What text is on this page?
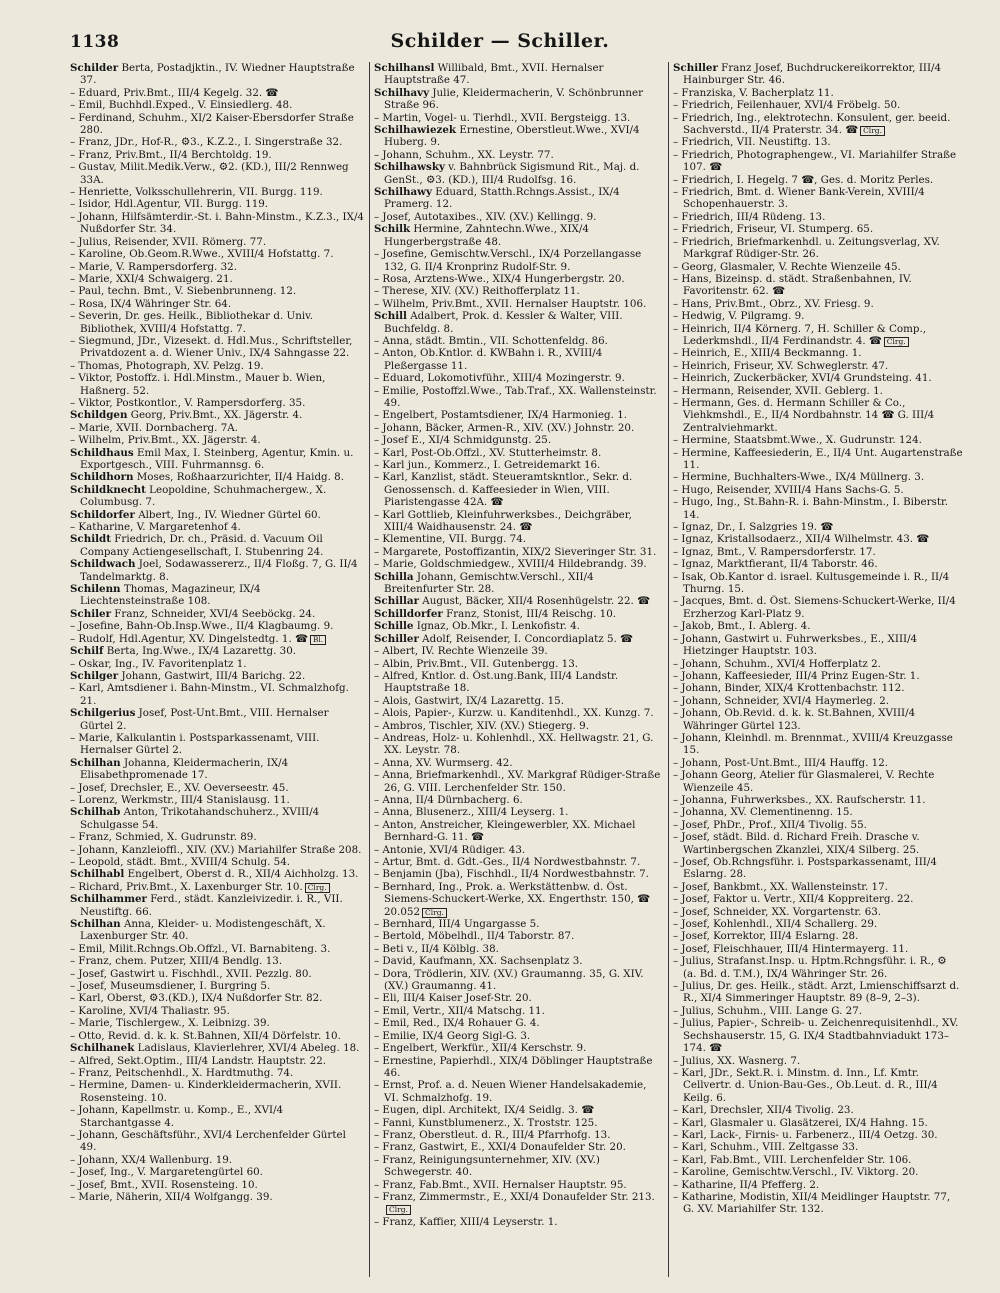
1138	Schilder — Schiller.
Schilder Berta, Postadjktin., IV. Wiedner Hauptstraße 37.
– Eduard, Priv.Bmt., III/4 Kegelg. 32. ☎
– Emil, Buchhdl.Exped., V. Einsiedlerg. 48.
– Ferdinand, Schuhm., XI/2 Kaiser-Ebersdorfer Straße 280.
– Franz, JDr., Hof-R., ⚙3., K.Z.2., I. Singerstraße 32.
– Franz, Priv.Bmt., II/4 Berchtoldg. 19.
– Gustav, Milit.Medik.Verw., ⚙2. (KD.), III/2 Rennweg 33A.
– Henriette, Volksschullehrerin, VII. Burgg. 119.
– Isidor, Hdl.Agentur, VII. Burgg. 119.
– Johann, Hilfsämterdir.-St. i. Bahn-Minstm., K.Z.3., IX/4 Nußdorfer Str. 34.
– Julius, Reisender, XVII. Römerg. 77.
– Karoline, Ob.Geom.R.Wwe., XVIII/4 Hofstattg. 7.
– Marie, V. Rampersdorferg. 32.
– Marie, XXI/4 Schwaigerg. 21.
– Paul, techn. Bmt., V. Siebenbrunneng. 12.
– Rosa, IX/4 Währinger Str. 64.
– Severin, Dr. ges. Heilk., Bibliothekar d. Univ. Bibliothek, XVIII/4 Hofstattg. 7.
– Siegmund, JDr., Vizesekt. d. Hdl.Mus., Schriftsteller, Privatdozent a. d. Wiener Univ., IX/4 Sahngasse 22.
– Thomas, Photograph, XV. Pelzg. 19.
– Viktor, Postoffz. i. Hdl.Minstm., Mauer b. Wien, Haßnerg. 52.
– Viktor, Postkontlor., V. Rampersdorferg. 35.
Schildgen Georg, Priv.Bmt., XX. Jägerstr. 4.
– Marie, XVII. Dornbacherg. 7A.
– Wilhelm, Priv.Bmt., XX. Jägerstr. 4.
Schildhaus Emil Max, I. Steinberg, Agentur, Kmin. u. Exportgesch., VIII. Fuhrmannsg. 6.
Schildhorn Moses, Roßhaarzurichter, II/4 Haidg. 8.
Schildknecht Leopoldine, Schuhmachergew., X. Columbusg. 7.
Schildorfer Albert, Ing., IV. Wiedner Gürtel 60.
– Katharine, V. Margaretenhof 4.
Schildt Friedrich, Dr. ch., Präsid. d. Vacuum Oil Company Actiengesellschaft, I. Stubenring 24.
Schildwach Joel, Sodawassererz., II/4 Floßg. 7, G. II/4 Tandelmarktg. 8.
Schilenn Thomas, Magazineur, IX/4 Liechtensteinstraße 108.
Schiler Franz, Schneider, XVI/4 Seeböckg. 24.
– Josefine, Bahn-Ob.Insp.Wwe., II/4 Klagbaumg. 9.
– Rudolf, Hdl.Agentur, XV. Dingelstedtg. 1. ☎ Bl.
Schilf Berta, Ing.Wwe., IX/4 Lazarettg. 30.
– Oskar, Ing., IV. Favoritenplatz 1.
Schilger Johann, Gastwirt, III/4 Barichg. 22.
– Karl, Amtsdiener i. Bahn-Minstm., VI. Schmalzhofg. 21.
Schilgerius Josef, Post-Unt.Bmt., VIII. Hernalser Gürtel 2.
– Marie, Kalkulantin i. Postsparkassenamt, VIII. Hernalser Gürtel 2.
Schilhan Johanna, Kleidermacherin, IX/4 Elisabethpromenade 17.
– Josef, Drechsler, E., XV. Oeverseestr. 45.
– Lorenz, Werkmstr., III/4 Stanislausg. 11.
Schilhab Anton, Trikotahandschuherz., XVIII/4 Schulgasse 54.
– Franz, Schmied, X. Gudrunstr. 89.
– Johann, Kanzleioffl., XIV. (XV.) Mariahilfer Straße 208.
– Leopold, städt. Bmt., XVIII/4 Schulg. 54.
Schilhabl Engelbert, Oberst d. R., XII/4 Aichholzg. 13.
– Richard, Priv.Bmt., X. Laxenburger Str. 10. Clrg.
Schilhammer Ferd., städt. Kanzleivizedir. i. R., VII. Neustiftg. 66.
Schilhan Anna, Kleider- u. Modistengeschäft, X. Laxenburger Str. 40.
– Emil, Milit.Rchngs.Ob.Offzl., VI. Barnabiteng. 3.
– Franz, chem. Putzer, XIII/4 Bendlg. 13.
– Josef, Gastwirt u. Fischhdl., XVII. Pezzlg. 80.
– Josef, Museumsdiener, I. Burgring 5.
– Karl, Oberst, ⚙3.(KD.), IX/4 Nußdorfer Str. 82.
– Karoline, XVI/4 Thaliastr. 95.
– Marie, Tischlergew., X. Leibnizg. 39.
– Otto, Revid. d. k. k. St.Bahnen, XII/4 Dörfelstr. 10.
Schilhanek Ladislaus, Klavierlehrer, XVI/4 Abeleg. 18.
– Alfred, Sekt.Optim., III/4 Landstr. Hauptstr. 22.
– Franz, Peitschenhdl., X. Hardtmuthg. 74.
– Hermine, Damen- u. Kinderkleidermacherin, XVII. Rosensteing. 10.
– Johann, Kapellmstr. u. Komp., E., XVI/4 Starchantgasse 4.
– Johann, Geschäftsführ., XVI/4 Lerchenfelder Gürtel 49.
– Johann, XX/4 Wallenburg. 19.
– Josef, Ing., V. Margaretengürtel 60.
– Josef, Bmt., XVII. Rosensteing. 10.
– Marie, Näherin, XII/4 Wolfgangg. 39.
Schilhansl Willibald, Bmt., XVII. Hernalser Hauptstraße 47.
Schilhavy Julie, Kleidermacherin, V. Schönbrunner Straße 96.
– Martin, Vogel- u. Tierhdl., XVII. Bergsteigg. 13.
Schilhawiezek Ernestine, Oberstleut.Wwe., XVI/4 Huberg. 9.
– Johann, Schuhm., XX. Leystr. 77.
Schilhawsky v. Bahnbrück Sigismund Rit., Maj. d. GenSt., ⚙3. (KD.), III/4 Rudolfsg. 16.
Schilhawy Eduard, Statth.Rchngs.Assist., IX/4 Pramerg. 12.
– Josef, Autotaxibes., XIV. (XV.) Kellingg. 9.
Schilk Hermine, Zahntechn.Wwe., XIX/4 Hungerbergstraße 48.
– Josefine, Gemischtw.Verschl., IX/4 Porzellangasse 132, G. II/4 Kronprinz Rudolf-Str. 9.
– Rosa, Arztens-Wwe., XIX/4 Hungerbergstr. 20.
– Therese, XIV. (XV.) Reithofferplatz 11.
– Wilhelm, Priv.Bmt., XVII. Hernalser Hauptstr. 106.
Schill Adalbert, Prok. d. Kessler & Walter, VIII. Buchfeldg. 8.
– Anna, städt. Bmtin., VII. Schottenfeldg. 86.
– Anton, Ob.Kntlor. d. KWBahn i. R., XVIII/4 Pleßergasse 11.
– Eduard, Lokomotivführ., XIII/4 Mozingerstr. 9.
– Emilie, Postoffzl.Wwe., Tab.Traf., XX. Wallensteinstr. 49.
– Engelbert, Postamtsdiener, IX/4 Harmonieg. 1.
– Johann, Bäcker, Armen-R., XIV. (XV.) Johnstr. 20.
– Josef E., XI/4 Schmidgunstg. 25.
– Karl, Post-Ob.Offzl., XV. Stutterheimstr. 8.
– Karl jun., Kommerz., I. Getreidemarkt 16.
– Karl, Kanzlist, städt. Steueramtskntlor., Sekr. d. Genossensch. d. Kaffeesieder in Wien, VIII. Piaristengasse 42A. ☎
– Karl Gottlieb, Kleinfuhrwerksbes., Deichgräber, XIII/4 Waidhausenstr. 24. ☎
– Klementine, VII. Burgg. 74.
– Margarete, Postoffizantin, XIX/2 Sieveringer Str. 31.
– Marie, Goldschmiedgew., XVIII/4 Hildebrandg. 39.
Schilla Johann, Gemischtw.Verschl., XII/4 Breitenfurter Str. 28.
Schillar August, Bäcker, XII/4 Rosenhügelstr. 22. ☎
Schilldorfer Franz, Stonist, III/4 Reischg. 10.
Schille Ignaz, Ob.Mkr., I. Lenkofistr. 4.
Schiller Adolf, Reisender, I. Concordiaplatz 5. ☎
– Albert, IV. Rechte Wienzeile 39.
– Albin, Priv.Bmt., VII. Gutenbergg. 13.
– Alfred, Kntlor. d. Öst.ung.Bank, III/4 Landstr. Hauptstraße 18.
– Alois, Gastwirt, IX/4 Lazarettg. 15.
– Alois, Papier-, Kurzw. u. Kanditenhdl., XX. Kunzg. 7.
– Ambros, Tischler, XIV. (XV.) Stiegerg. 9.
– Andreas, Holz- u. Kohlenhdl., XX. Hellwagstr. 21, G. XX. Leystr. 78.
– Anna, XV. Wurmserg. 42.
– Anna, Briefmarkenhdl., XV. Markgraf Rüdiger-Straße 26, G. VIII. Lerchenfelder Str. 150.
– Anna, II/4 Dürnbacherg. 6.
– Anna, Blusenerz., XIII/4 Leyserg. 1.
– Anton, Anstreicher, Kleingewerbler, XX. Michael Bernhard-G. 11. ☎
– Antonie, XVI/4 Rüdiger. 43.
– Artur, Bmt. d. Gdt.-Ges., II/4 Nordwestbahnstr. 7.
– Benjamin (Jba), Fischhdl., II/4 Nordwestbahnstr. 7.
– Bernhard, Ing., Prok. a. Werkstättenbw. d. Öst. Siemens-Schuckert-Werke, XX. Engerthstr. 150, ☎ 20.052 Clrg.
– Bernhard, III/4 Ungargasse 5.
– Bertold, Möbelhdl., II/4 Taborstr. 87.
– Beti v., II/4 Kölblg. 38.
– David, Kaufmann, XX. Sachsenplatz 3.
– Dora, Trödlerin, XIV. (XV.) Graumanng. 35, G. XIV. (XV.) Graumanng. 41.
– Eli, III/4 Kaiser Josef-Str. 20.
– Emil, Vertr., XII/4 Matschg. 11.
– Emil, Red., IX/4 Rohauer G. 4.
– Emilie, IX/4 Georg Sigl-G. 3.
– Engelbert, Werkfür., XII/4 Kerschstr. 9.
– Ernestine, Papierhdl., XIX/4 Döblinger Hauptstraße 46.
– Ernst, Prof. a. d. Neuen Wiener Handelsakademie, VI. Schmalzhofg. 19.
– Eugen, dipl. Architekt, IX/4 Seidlg. 3. ☎
– Fanni, Kunstblumenerz., X. Troststr. 125.
– Franz, Oberstleut. d. R., III/4 Pfarrhofg. 13.
– Franz, Gastwirt, E., XXI/4 Donaufelder Str. 20.
– Franz, Reinigungsunternehmer, XIV. (XV.) Schwegerstr. 40.
– Franz, Fab.Bmt., XVII. Hernalser Hauptstr. 95.
– Franz, Zimmermstr., E., XXI/4 Donaufelder Str. 213.Clrg.
– Franz, Kaffier, XIII/4 Leyserstr. 1.
Schiller Franz Josef, Buchdruckereikorrektor, III/4 Hainburger Str. 46.
– Franziska, V. Bacherplatz 11.
– Friedrich, Feilenhauer, XVI/4 Fröbelg. 50.
– Friedrich, Ing., elektrotechn. Konsulent, ger. beeid. Sachverstd., II/4 Praterstr. 34. ☎ Clrg.
– Friedrich, VII. Neustiftg. 13.
– Friedrich, Photographengew., VI. Mariahilfer Straße 107. ☎
– Friedrich, I. Hegelg. 7 ☎, Ges. d. Moritz Perles.
– Friedrich, Bmt. d. Wiener Bank-Verein, XVIII/4 Schopenhauerstr. 3.
– Friedrich, III/4 Rüdeng. 13.
– Friedrich, Friseur, VI. Stumperg. 65.
– Friedrich, Briefmarkenhdl. u. Zeitungsverlag, XV. Markgraf Rüdiger-Str. 26.
– Georg, Glasmaler, V. Rechte Wienzeile 45.
– Hans, Bizeinsp. d. städt. Straßenbahnen, IV. Favoritenstr. 62. ☎
– Hans, Priv.Bmt., Obrz., XV. Friesg. 9.
– Hedwig, V. Pilgramg. 9.
– Heinrich, II/4 Körnerg. 7, H. Schiller & Comp., Lederkmshdl., II/4 Ferdinandstr. 4. ☎ Clrg.
– Heinrich, E., XIII/4 Beckmanng. 1.
– Heinrich, Friseur, XV. Schweglerstr. 47.
– Heinrich, Zuckerbäcker, XVI/4 Grundsteing. 41.
– Hermann, Reisender, XVII. Geblerg. 1.
– Hermann, Ges. d. Hermann Schiller & Co., Viehkmshdl., E., II/4 Nordbahnstr. 14 ☎ G. III/4 Zentralviehmarkt.
– Hermine, Staatsbmt.Wwe., X. Gudrunstr. 124.
– Hermine, Kaffeesiederin, E., II/4 Unt. Augartenstraße 11.
– Hermine, Buchhalters-Wwe., IX/4 Müllnerg. 3.
– Hugo, Reisender, XVIII/4 Hans Sachs-G. 5.
– Hugo, Ing., St.Bahn-R. i. Bahn-Minstm., I. Biberstr. 14.
– Ignaz, Dr., I. Salzgries 19. ☎
– Ignaz, Kristallsodaerz., XII/4 Wilhelmstr. 43. ☎
– Ignaz, Bmt., V. Rampersdorferstr. 17.
– Ignaz, Marktfierant, II/4 Taborstr. 46.
– Isak, Ob.Kantor d. israel. Kultusgemeinde i. R., II/4 Thurng. 15.
– Jacques, Bmt. d. Öst. Siemens-Schuckert-Werke, II/4 Erzherzog Karl-Platz 9.
– Jakob, Bmt., I. Ablerg. 4.
– Johann, Gastwirt u. Fuhrwerksbes., E., XIII/4 Hietzinger Hauptstr. 103.
– Johann, Schuhm., XVI/4 Hofferplatz 2.
– Johann, Kaffeesieder, III/4 Prinz Eugen-Str. 1.
– Johann, Binder, XIX/4 Krottenbachstr. 112.
– Johann, Schneider, XVI/4 Haymerleg. 2.
– Johann, Ob.Revid. d. k. k. St.Bahnen, XVIII/4 Währinger Gürtel 123.
– Johann, Kleinhdl. m. Brennmat., XVIII/4 Kreuzgasse 15.
– Johann, Post-Unt.Bmt., III/4 Hauffg. 12.
– Johann Georg, Atelier für Glasmalerei, V. Rechte Wienzeile 45.
– Johanna, Fuhrwerksbes., XX. Raufscherstr. 11.
– Johanna, XV. Clementinenng. 15.
– Josef, PhDr., Prof., XII/4 Tivolig. 55.
– Josef, städt. Bild. d. Richard Freih. Drasche v. Wartinbergschen Zkanzlei, XIX/4 Silberg. 25.
– Josef, Ob.Rchngsführ. i. Postsparkassenamt, III/4 Eslarng. 28.
– Josef, Bankbmt., XX. Wallensteinstr. 17.
– Josef, Faktor u. Vertr., XII/4 Koppreiterg. 22.
– Josef, Schneider, XX. Vorgartenstr. 63.
– Josef, Kohlenhdl., XII/4 Schallerg. 29.
– Josef, Korrektor, III/4 Eslarng. 28.
– Josef, Fleischhauer, III/4 Hintermayerg. 11.
– Julius, Strafanst.Insp. u. Hptm.Rchngsführ. i. R., ⚙ (a. Bd. d. T.M.), IX/4 Währinger Str. 26.
– Julius, Dr. ges. Heilk., städt. Arzt, Lmienschiffsarzt d. R., XI/4 Simmeringer Hauptstr. 89 (8–9, 2–3).
– Julius, Schuhm., VIII. Lange G. 27.
– Julius, Papier-, Schreib- u. Zeichenrequisitenhdl., XV. Sechshauserstr. 15, G. IX/4 Stadtbahnviadukt 173–174. ☎
– Julius, XX. Wasnerg. 7.
– Karl, JDr., Sekt.R. i. Minstm. d. Inn., Lf. Kmtr. Cellvertr. d. Union-Bau-Ges., Ob.Leut. d. R., III/4 Keilg. 6.
– Karl, Drechsler, XII/4 Tivolig. 23.
– Karl, Glasmaler u. Glasätzerei, IX/4 Hahng. 15.
– Karl, Lack-, Firnis- u. Farbenerz., III/4 Oetzg. 30.
– Karl, Schuhm., VIII. Zeltgasse 33.
– Karl, Fab.Bmt., VIII. Lerchenfelder Str. 106.
– Karoline, Gemischtw.Verschl., IV. Viktorg. 20.
– Katharine, II/4 Pfefferg. 2.
– Katharine, Modistin, XII/4 Meidlinger Hauptstr. 77, G. XV. Mariahilfer Str. 132.
